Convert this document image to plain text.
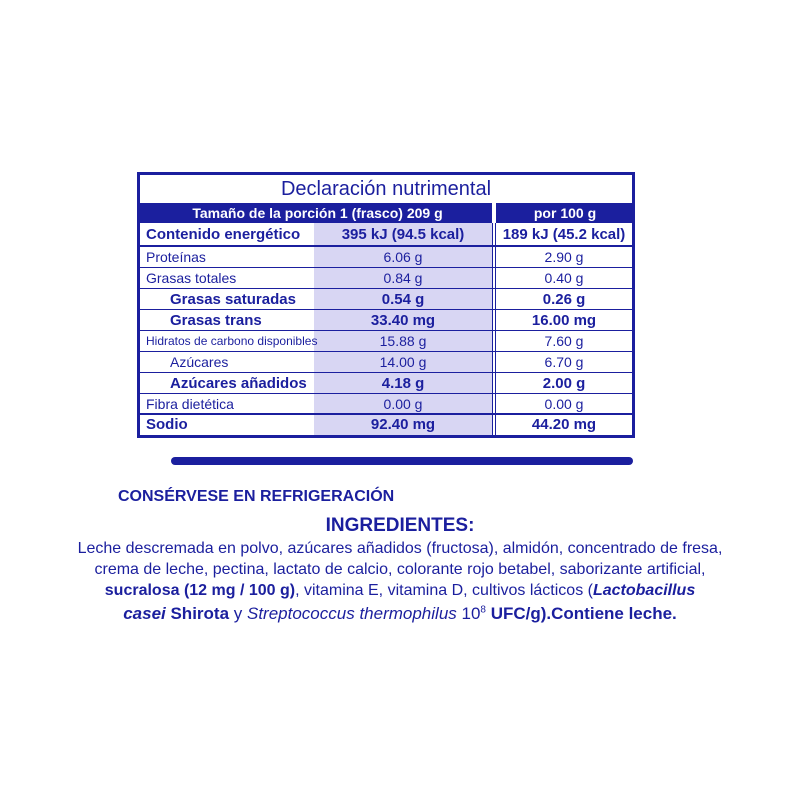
Declaración nutrimental
Tamaño de la porción 1 (frasco) 209 g	por 100 g
Contenido energético	395 kJ (94.5 kcal)	189 kJ (45.2 kcal)
Proteínas	6.06 g	2.90 g
Grasas totales	0.84 g	0.40 g
Grasas saturadas	0.54 g	0.26 g
Grasas trans	33.40 mg	16.00 mg
Hidratos de carbono disponibles	15.88 g	7.60 g
Azúcares	14.00 g	6.70 g
Azúcares añadidos	4.18 g	2.00 g
Fibra dietética	0.00 g	0.00 g
Sodio	92.40 mg	44.20 mg
CONSÉRVESE EN REFRIGERACIÓN
INGREDIENTES:
Leche descremada en polvo, azúcares añadidos (fructosa), almidón, concentrado de fresa,
crema de leche, pectina, lactato de calcio, colorante rojo betabel, saborizante artificial,
sucralosa (12 mg / 100 g), vitamina E, vitamina D, cultivos lácticos (Lactobacillus
casei Shirota y Streptococcus thermophilus $10^8$ UFC/g).Contiene leche.
